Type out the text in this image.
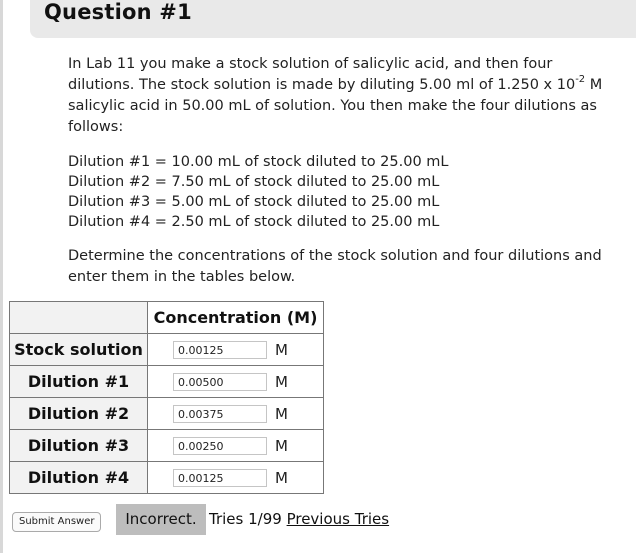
Question #1
In Lab 11 you make a stock solution of salicylic acid, and then four
dilutions. The stock solution is made by diluting 5.00 ml of 1.250 x $10^{-2}$ M
salicylic acid in 50.00 mL of solution. You then make the four dilutions as
follows:
Dilution #1 = 10.00 mL of stock diluted to 25.00 mL
Dilution #2 = 7.50 mL of stock diluted to 25.00 mL
Dilution #3 = 5.00 mL of stock diluted to 25.00 mL
Dilution #4 = 2.50 mL of stock diluted to 25.00 mL
Determine the concentrations of the stock solution and four dilutions and enter them in the tables below.
	Concentration (M)
Stock solution	0.00125 M
Dilution #1	0.00500 M
Dilution #2	0.00375 M
Dilution #3	0.00250 M
Dilution #4	0.00125 M
Submit Answer	Incorrect. Tries 1/99 Previous Tries
